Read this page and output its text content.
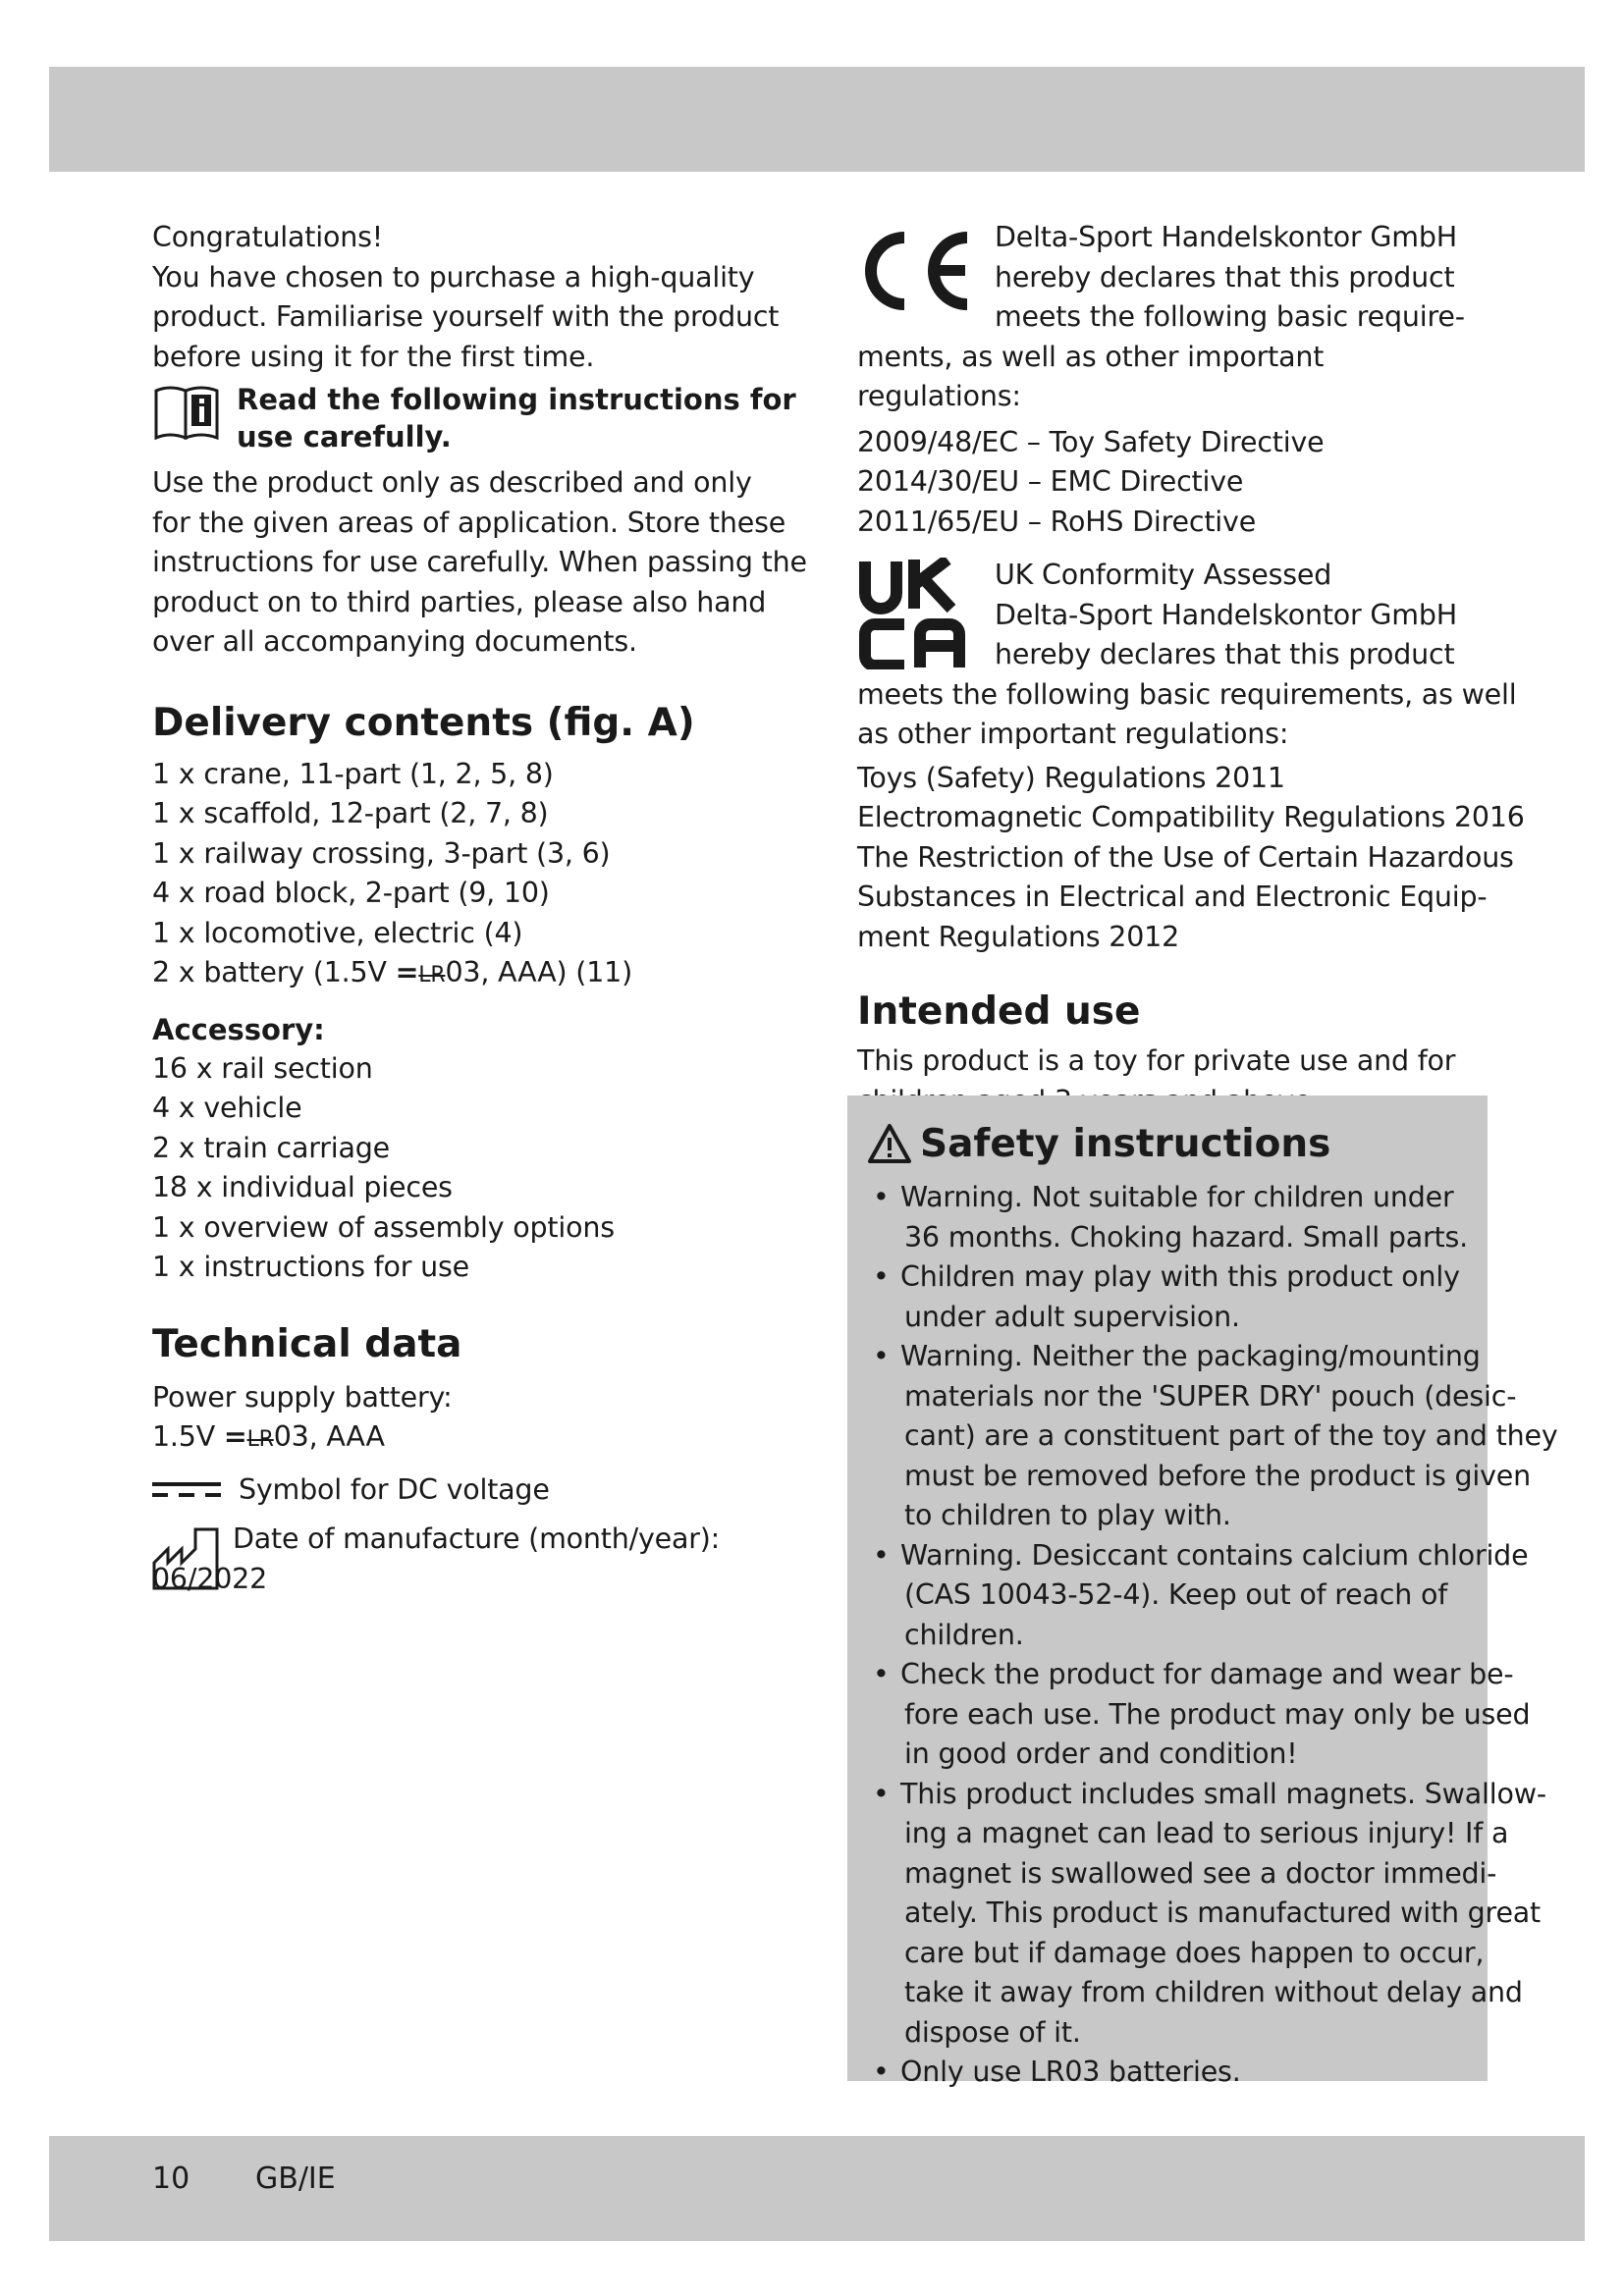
Congratulations!
You have chosen to purchase a high-quality
product. Familiarise yourself with the product
before using it for the first time.
Read the following instructions for
use carefully.
Use the product only as described and only
for the given areas of application. Store these
instructions for use carefully. When passing the
product on to third parties, please also hand
over all accompanying documents.
Delivery contents (fig. A)
1 x crane, 11-part (1, 2, 5, 8)
1 x scaffold, 12-part (2, 7, 8)
1 x railway crossing, 3-part (3, 6)
4 x road block, 2-part (9, 10)
1 x locomotive, electric (4)
2 x battery (1.5V =LR03, AAA) (11)
Accessory:
16 x rail section
4 x vehicle
2 x train carriage
18 x individual pieces
1 x overview of assembly options
1 x instructions for use
Technical data
Power supply battery:
1.5V =LR03, AAA
Symbol for DC voltage
Date of manufacture (month/year):
06/2022
Delta-Sport Handelskontor GmbH
hereby declares that this product
meets the following basic require-
ments, as well as other important regulations:
2009/48/EC – Toy Safety Directive
2014/30/EU – EMC Directive
2011/65/EU – RoHS Directive
UK Conformity Assessed
Delta-Sport Handelskontor GmbH
hereby declares that this product
meets the following basic requirements, as well
as other important regulations:
Toys (Safety) Regulations 2011
Electromagnetic Compatibility Regulations 2016
The Restriction of the Use of Certain Hazardous
Substances in Electrical and Electronic Equip-
ment Regulations 2012
Intended use
This product is a toy for private use and for
Safety instructions
• Warning. Not suitable for children under
36 months. Choking hazard. Small parts.
• Children may play with this product only
under adult supervision.
• Warning. Neither the packaging/mounting
materials nor the 'SUPER DRY' pouch (desic-
cant) are a constituent part of the toy and they
must be removed before the product is given
to children to play with.
• Warning. Desiccant contains calcium chloride
(CAS 10043-52-4). Keep out of reach of
children.
• Check the product for damage and wear be-
fore each use. The product may only be used
in good order and condition!
• This product includes small magnets. Swallow-
ing a magnet can lead to serious injury! If a
magnet is swallowed see a doctor immedi-
ately. This product is manufactured with great
care but if damage does happen to occur,
take it away from children without delay and
dispose of it.
• Only use LR03 batteries.
10 GB/IE
